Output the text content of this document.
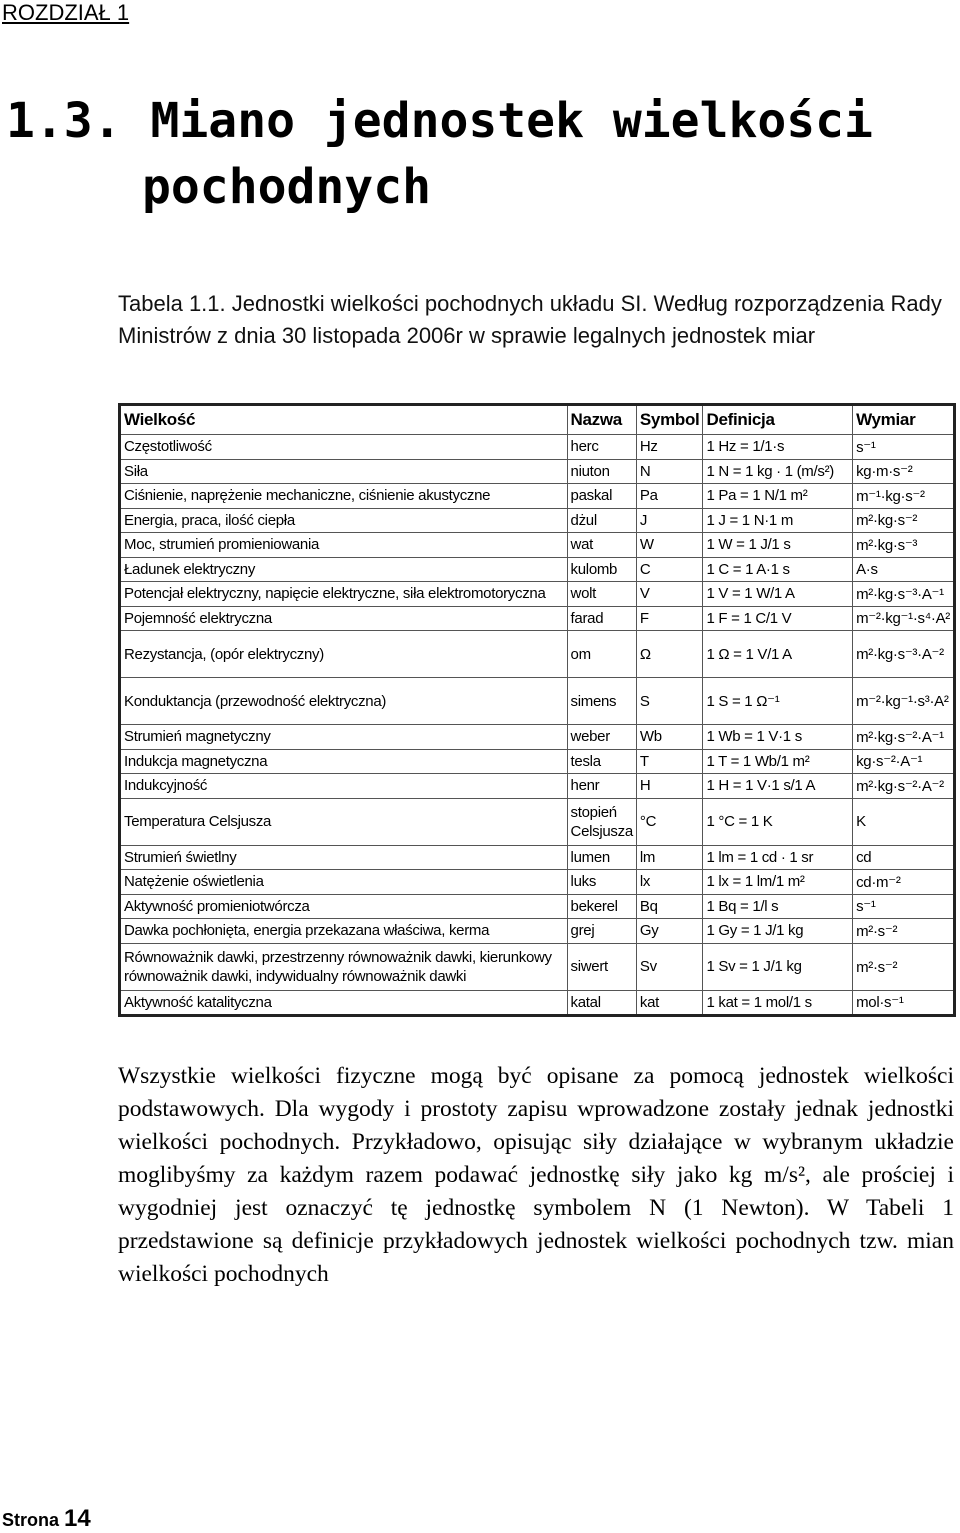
ROZDZIAŁ 1
1.3. Miano jednostek wielkości
pochodnych
Tabela 1.1. Jednostki wielkości pochodnych układu SI. Według rozporządzenia Rady Ministrów z dnia 30 listopada 2006r w sprawie legalnych jednostek miar
Wielkość	Nazwa	Symbol	Definicja	Wymiar
Częstotliwość	herc	Hz	1 Hz = 1/1·s	s⁻¹
Siła	niuton	N	1 N = 1 kg · 1 (m/s²)	kg·m·s⁻²
Ciśnienie, naprężenie mechaniczne, ciśnienie akustyczne	paskal	Pa	1 Pa = 1 N/1 m²	m⁻¹·kg·s⁻²
Energia, praca, ilość ciepła	dżul	J	1 J = 1 N·1 m	m²·kg·s⁻²
Moc, strumień promieniowania	wat	W	1 W = 1 J/1 s	m²·kg·s⁻³
Ładunek elektryczny	kulomb	C	1 C = 1 A·1 s	A·s
Potencjał elektryczny, napięcie elektryczne, siła elektromotoryczna	wolt	V	1 V = 1 W/1 A	m²·kg·s⁻³·A⁻¹
Pojemność elektryczna	farad	F	1 F = 1 C/1 V	m⁻²·kg⁻¹·s⁴·A²
Rezystancja, (opór elektryczny)	om	Ω	1 Ω = 1 V/1 A	m²·kg·s⁻³·A⁻²
Konduktancja (przewodność elektryczna)	simens	S	1 S = 1 Ω⁻¹	m⁻²·kg⁻¹·s³·A²
Strumień magnetyczny	weber	Wb	1 Wb = 1 V·1 s	m²·kg·s⁻²·A⁻¹
Indukcja magnetyczna	tesla	T	1 T = 1 Wb/1 m²	kg·s⁻²·A⁻¹
Indukcyjność	henr	H	1 H = 1 V·1 s/1 A	m²·kg·s⁻²·A⁻²
Temperatura Celsjusza	stopień Celsjusza	°C	1 °C = 1 K	K
Strumień świetlny	lumen	lm	1 lm = 1 cd · 1 sr	cd
Natężenie oświetlenia	luks	lx	1 lx = 1 lm/1 m²	cd·m⁻²
Aktywność promieniotwórcza	bekerel	Bq	1 Bq = 1/l s	s⁻¹
Dawka pochłonięta, energia przekazana właściwa, kerma	grej	Gy	1 Gy = 1 J/1 kg	m²·s⁻²
Równoważnik dawki, przestrzenny równoważnik dawki, kierunkowy równoważnik dawki, indywidualny równoważnik dawki	siwert	Sv	1 Sv = 1 J/1 kg	m²·s⁻²
Aktywność katalityczna	katal	kat	1 kat = 1 mol/1 s	mol·s⁻¹
Wszystkie wielkości fizyczne mogą być opisane za pomocą jednostek wielkości podstawowych. Dla wygody i prostoty zapisu wprowadzone zostały jednak jednostki wielkości pochodnych. Przykładowo, opisując siły działające w wybranym układzie moglibyśmy za każdym razem podawać jednostkę siły jako kg m/s², ale prościej i wygodniej jest oznaczyć tę jednostkę symbolem N (1 Newton). W Tabeli 1 przedstawione są definicje przykładowych jednostek wielkości pochodnych tzw. mian wielkości pochodnych
Strona 14
